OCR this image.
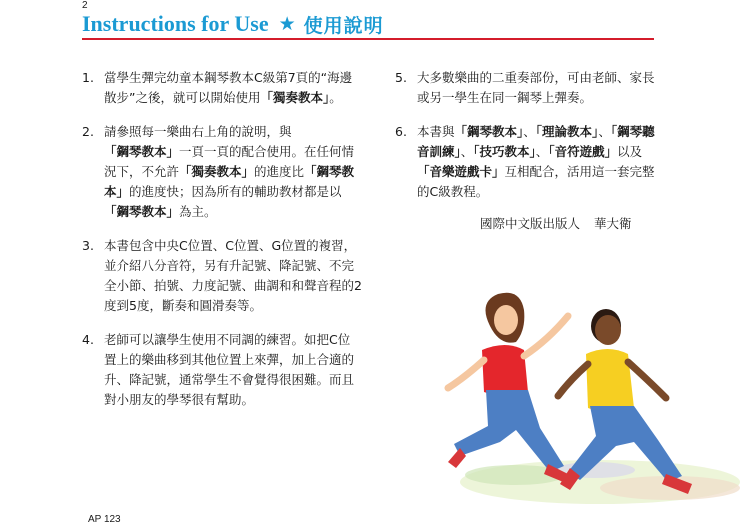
2
Instructions for Use ★ 使用說明
1. 當學生彈完幼童本鋼琴教本C級第7頁的“海邊散步”之後，就可以開始使用「獨奏教本」。
2. 請參照每一樂曲右上角的說明，與「鋼琴教本」一頁一頁的配合使用。在任何情況下，不允許「獨奏教本」的進度比「鋼琴教本」的進度快；因為所有的輔助教材都是以「鋼琴教本」為主。
3. 本書包含中央C位置、C位置、G位置的複習，並介紹八分音符，另有升記號、降記號、不完全小節、拍號、力度記號、曲調和和聲音程的2度到5度，斷奏和圓滑奏等。
4. 老師可以讓學生使用不同調的練習。如把C位置上的樂曲移到其他位置上來彈，加上合適的升、降記號，通常學生不會覺得很困難。而且對小朋友的學琴很有幫助。
5. 大多數樂曲的二重奏部份，可由老師、家長或另一學生在同一鋼琴上彈奏。
6. 本書與「鋼琴教本」、「理論教本」、「鋼琴聽音訓練」、「技巧教本」、「音符遊戲」以及「音樂遊戲卡」互相配合，活用這一套完整的C級教程。
國際中文版出版人 華大衛
AP 123
